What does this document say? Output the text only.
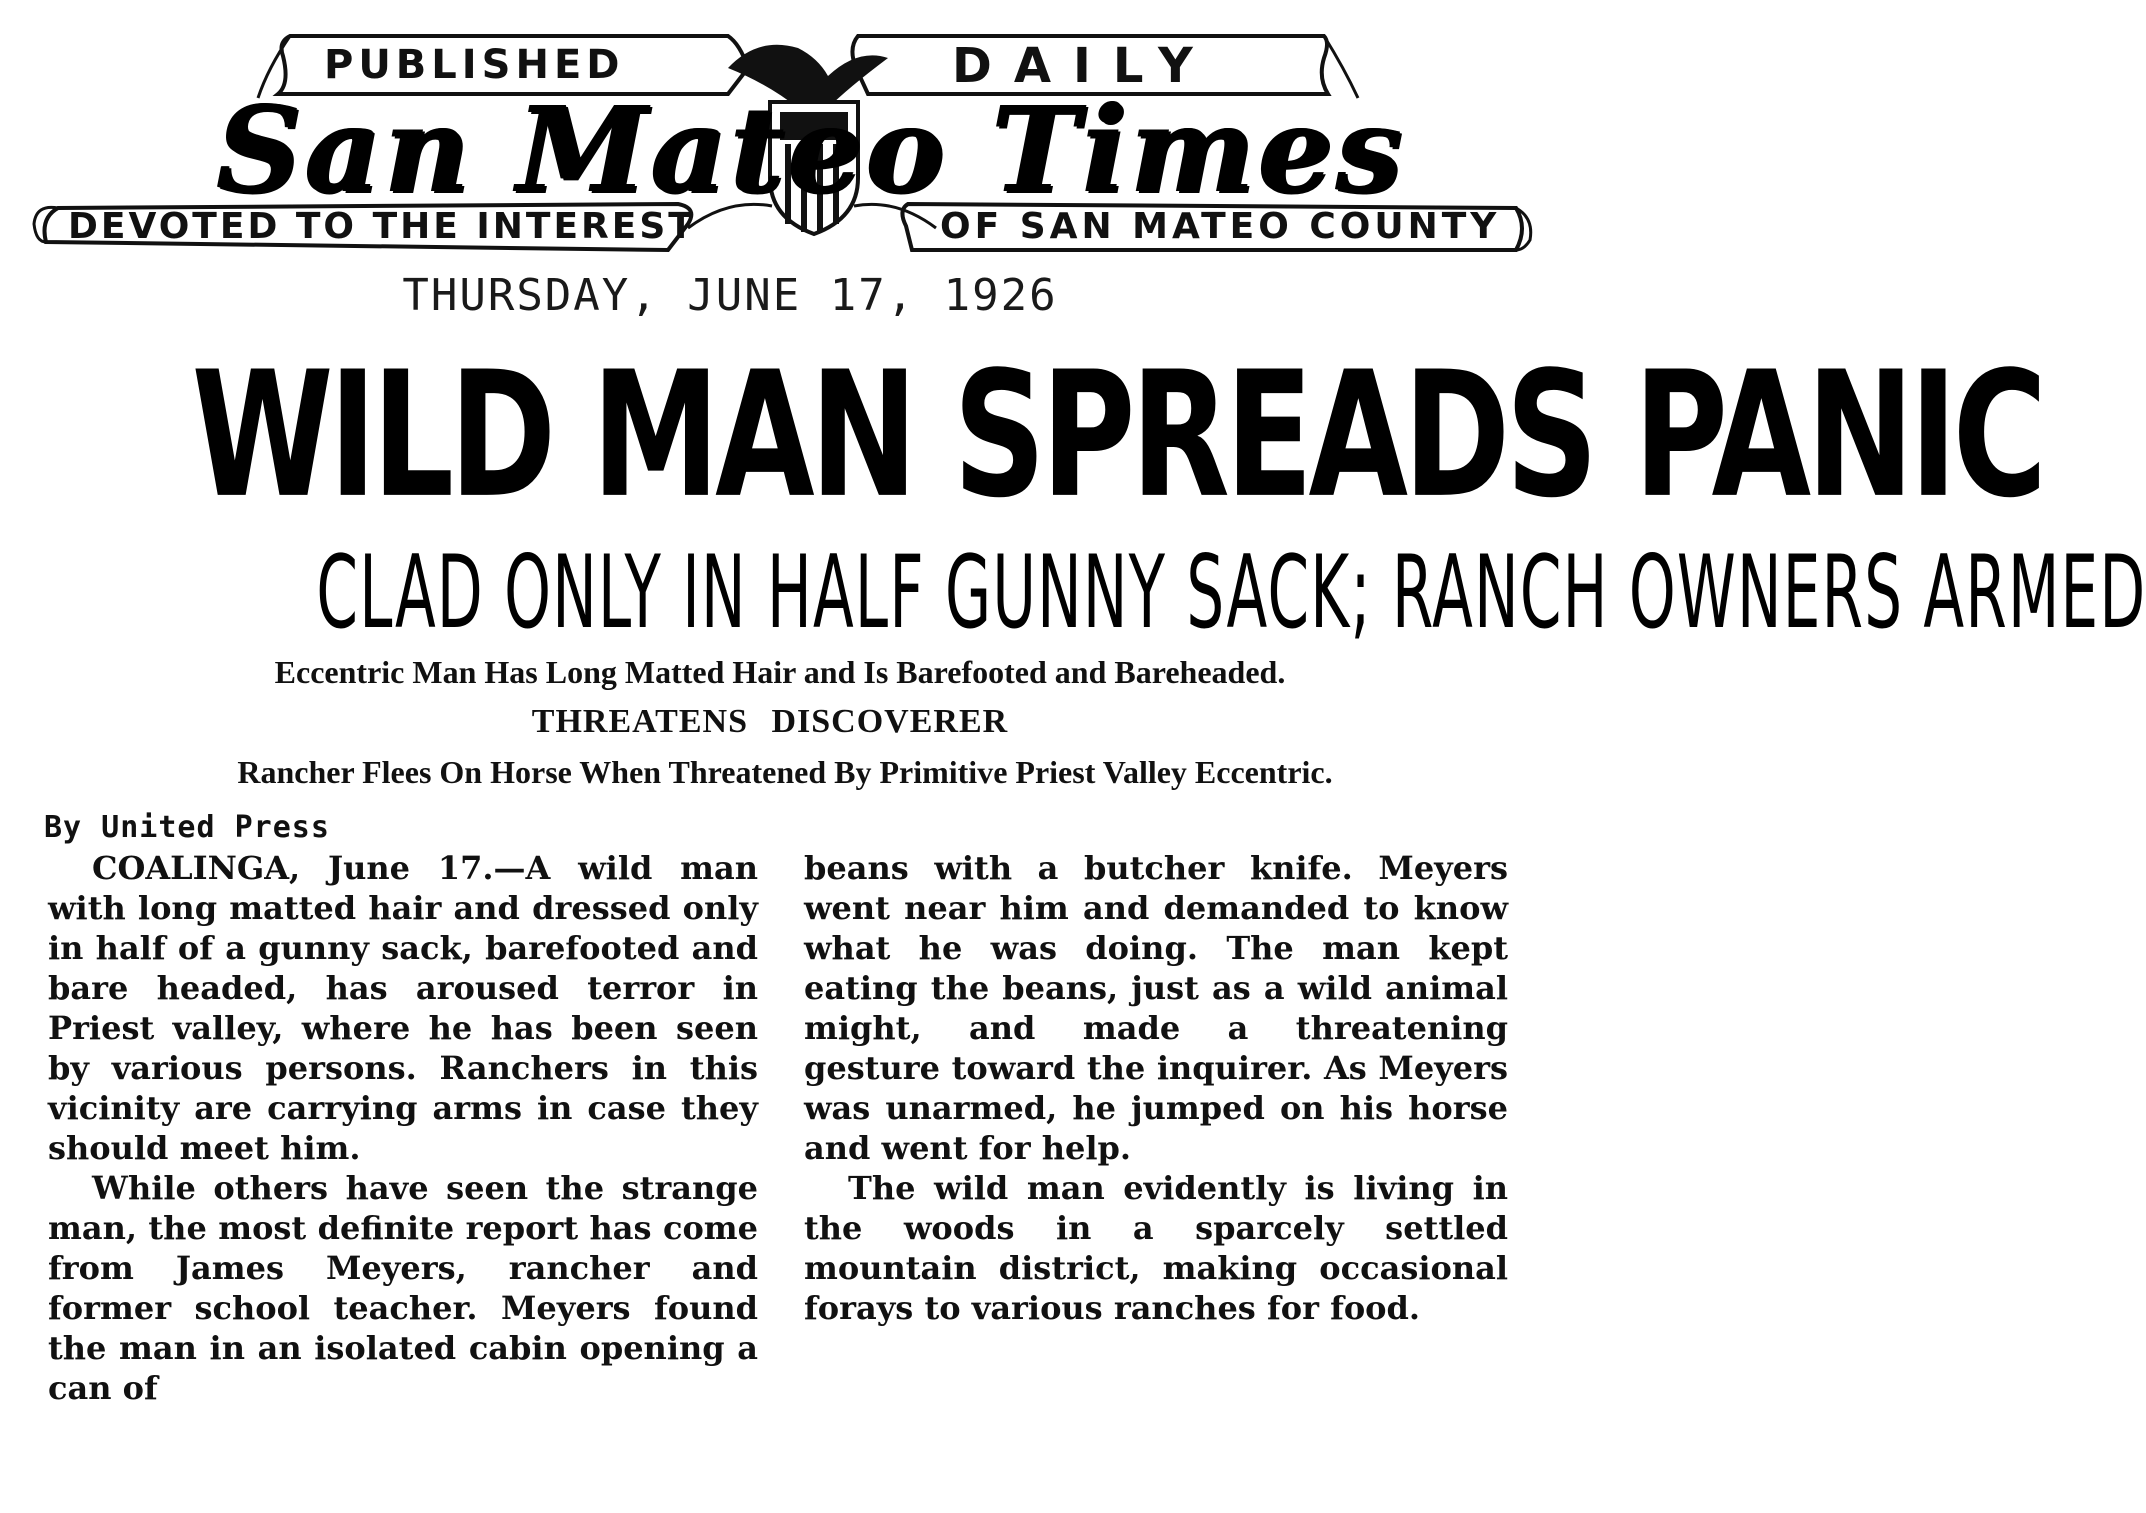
PUBLISHED	DAILY
San Mateo Times
DEVOTED TO THE INTEREST	OF SAN MATEO COUNTY
THURSDAY, JUNE 17, 1926
WILD MAN SPREADS PANIC
CLAD ONLY IN HALF GUNNY SACK; RANCH OWNERS ARMED
Eccentric Man Has Long Matted Hair and Is Barefooted and Bareheaded.
THREATENS DISCOVERER
Rancher Flees On Horse When Threatened By Primitive Priest Valley Eccentric.
By United Press

COALINGA, June 17.—A wild man with long matted hair and dressed only in half of a gunny sack, barefooted and bare headed, has aroused terror in Priest valley, where he has been seen by various persons. Ranchers in this vicinity are carrying arms in case they should meet him.

While others have seen the strange man, the most definite report has come from James Meyers, rancher and former school teacher. Meyers found the man in an isolated cabin opening a can of

beans with a butcher knife. Meyers went near him and demanded to know what he was doing. The man kept eating the beans, just as a wild animal might, and made a threatening gesture toward the inquirer. As Meyers was unarmed, he jumped on his horse and went for help.

The wild man evidently is living in the woods in a sparcely settled mountain district, making occasional forays to various ranches for food.
